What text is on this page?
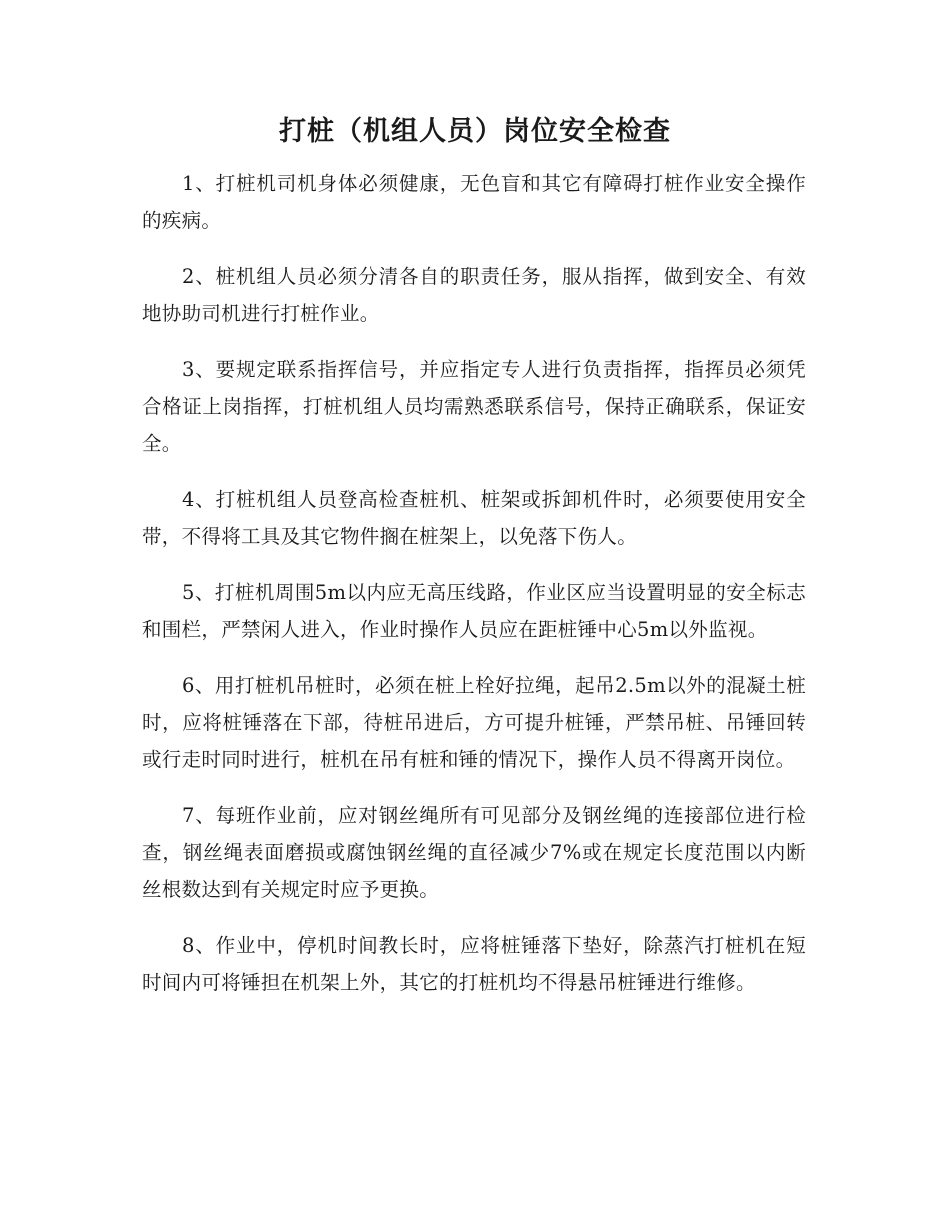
打桩（机组人员）岗位安全检查

1、打桩机司机身体必须健康，无色盲和其它有障碍打桩作业安全操作的疾病。

2、桩机组人员必须分清各自的职责任务，服从指挥，做到安全、有效地协助司机进行打桩作业。

3、要规定联系指挥信号，并应指定专人进行负责指挥，指挥员必须凭合格证上岗指挥，打桩机组人员均需熟悉联系信号，保持正确联系，保证安全。

4、打桩机组人员登高检查桩机、桩架或拆卸机件时，必须要使用安全带，不得将工具及其它物件搁在桩架上，以免落下伤人。

5、打桩机周围5m以内应无高压线路，作业区应当设置明显的安全标志和围栏，严禁闲人进入，作业时操作人员应在距桩锤中心5m以外监视。

6、用打桩机吊桩时，必须在桩上栓好拉绳，起吊2.5m以外的混凝土桩时，应将桩锤落在下部，待桩吊进后，方可提升桩锤，严禁吊桩、吊锤回转或行走时同时进行，桩机在吊有桩和锤的情况下，操作人员不得离开岗位。

7、每班作业前，应对钢丝绳所有可见部分及钢丝绳的连接部位进行检查，钢丝绳表面磨损或腐蚀钢丝绳的直径减少7%或在规定长度范围以内断丝根数达到有关规定时应予更换。

8、作业中，停机时间教长时，应将桩锤落下垫好，除蒸汽打桩机在短时间内可将锤担在机架上外，其它的打桩机均不得悬吊桩锤进行维修。
